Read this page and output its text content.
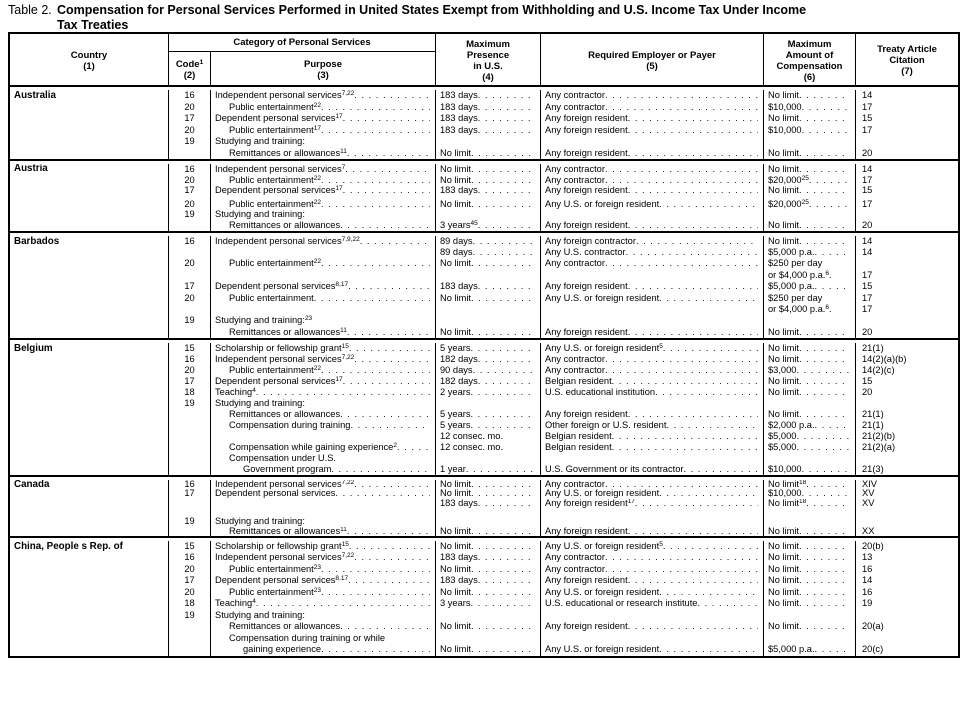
Table 2. Compensation for Personal Services Performed in United States Exempt from Withholding and U.S. Income Tax Under Income
Tax Treaties
Country
(1)
Category of Personal Services
Code$^1$
(2)
Purpose
(3)
Maximum
Presence
in U.S.
(4)
Required Employer or Payer
(5)
Maximum
Amount of
Compensation
(6)
Treaty Article
Citation
(7)
Australia	16 Independent personal services$^{7,22}$ . . .	183 days . . .	Any contractor . . .	No limit . . .	14
20	Public entertainment$^{22}$ . . .	183 days . . .	Any contractor . . .	$10,000 . . .	17
17 Dependent personal services$^{17}$ . . .	183 days . . .	Any foreign resident . . .	No limit . . .	15
20	Public entertainment$^{17}$ . . .	183 days . . .	Any foreign resident . . .	$10,000 . . .	17
19 Studying and training:
Remittances or allowances$^{11}$ . . .	No limit . . .	Any foreign resident . . .	No limit . . .	20
Austria	16 Independent personal services$^7$ . . .	No limit . . .	Any contractor . . .	No limit . . .	14
20	Public entertainment$^{22}$ . . .	No limit . . .	Any contractor . . .	$20,000$^{25}$ . . .	17
17 Dependent personal services$^{17}$ . . .	183 days . . .	Any foreign resident . . .	No limit . . .	15
20	Public entertainment$^{22}$ . . .	No limit . . .	Any U.S. or foreign resident . . .	$20,000$^{25}$ . . .	17
19 Studying and training:
Remittances or allowances . . .	3 years$^{45}$ . . .	Any foreign resident . . .	No limit . . .	20
Barbados	16 Independent personal services$^{7,9,22}$ . . .	89 days . . .	Any foreign contractor . . .	No limit . . .	14
89 days . . .	Any U.S. contractor . . .	$5,000 p.a. . . .	14
20	Public entertainment$^{22}$ . . .	No limit . . .	Any contractor . . .	$250 per day
or $4,000 p.a.$^6$.	17
17 Dependent personal services$^{8,17}$ . . .	183 days . . .	Any foreign resident . . .	$5,000 p.a. . . .	15
20	Public entertainment . . .	No limit . . .	Any U.S. or foreign resident . . .	$250 per day	17
or $4,000 p.a.$^6$.	17
19 Studying and training:$^{23}$
Remittances or allowances$^{11}$ . . .	No limit . . .	Any foreign resident . . .	No limit . . .	20
Belgium	15 Scholarship or fellowship grant$^{15}$ . . .	5 years . . .	Any U.S. or foreign resident$^5$ . . .	No limit . . .	21(1)
16 Independent personal services$^{7,22}$ . . .	182 days . . .	Any contractor . . .	No limit . . .	14(2)(a)(b)
20	Public entertainment$^{22}$ . . .	90 days . . .	Any contractor . . .	$3,000 . . .	14(2)(c)
17 Dependent personal services$^{17}$ . . .	182 days . . .	Belgian resident . . .	No limit . . .	15
18 Teaching$^4$ . . .	2 years . . .	U.S. educational institution . . .	No limit . . .	20
19 Studying and training:
Remittances or allowances . . .	5 years . . .	Any foreign resident . . .	No limit . . .	21(1)
Compensation during training . . .	5 years . . .	Other foreign or U.S. resident . . .	$2,000 p.a. . . .	21(1)
12 consec. mo.	Belgian resident . . .	$5,000 . . .	21(2)(b)
Compensation while gaining experience$^2$ . . .	12 consec. mo.	Belgian resident . . .	$5,000 . . .	21(2)(a)
Compensation under U.S.
Government program . . .	1 year . . .	U.S. Government or its contractor . . .	$10,000 . . .	21(3)
Canada	16 Independent personal services$^{7,22}$ . . .	No limit . . .	Any contractor . . .	No limit$^{18}$ . . .	XIV
17 Dependent personal services . . .	No limit . . .	Any U.S. or foreign resident . . .	$10,000 . . .	XV
183 days . . .	Any foreign resident$^{17}$ . . .	No limit$^{18}$ . . .	XV
19 Studying and training:
Remittances or allowances$^{11}$ . . .	No limit . . .	Any foreign resident . . .	No limit . . .	XX
China, People s Rep. of	15 Scholarship or fellowship grant$^{15}$ . . .	No limit . . .	Any U.S. or foreign resident$^5$ . . .	No limit . . .	20(b)
16 Independent personal services$^{7,22}$ . . .	183 days . . .	Any contractor . . .	No limit . . .	13
20	Public entertainment$^{23}$ . . .	No limit . . .	Any contractor . . .	No limit . . .	16
17 Dependent personal services$^{8,17}$ . . .	183 days . . .	Any foreign resident . . .	No limit . . .	14
20	Public entertainment$^{23}$ . . .	No limit . . .	Any U.S. or foreign resident . . .	No limit . . .	16
18 Teaching$^4$ . . .	3 years . . .	U.S. educational or research institute . . .	No limit . . .	19
19 Studying and training:
Remittances or allowances . . .	No limit . . .	Any foreign resident . . .	No limit . . .	20(a)
Compensation during training or while
gaining experience . . .	No limit . . .	Any U.S. or foreign resident . . .	$5,000 p.a. . . .	20(c)
